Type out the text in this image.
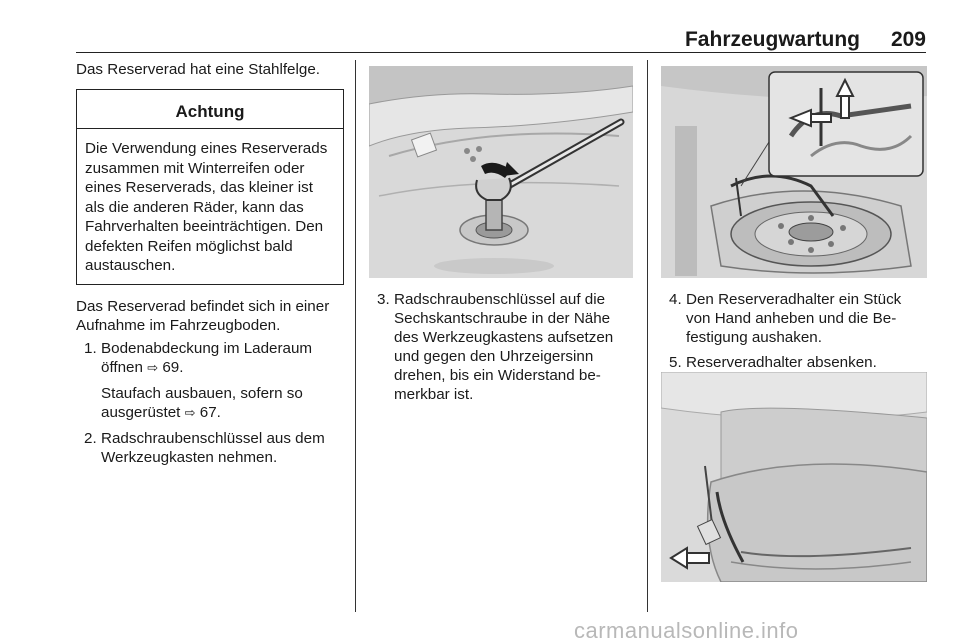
Fahrzeugwartung 209

Das Reserverad hat eine Stahlfelge.

Achtung
Die Verwendung eines Reserverads zusammen mit Winterreifen oder eines Reserverads, das kleiner ist als die anderen Räder, kann das Fahrverhalten beeinträchtigen. Den defekten Reifen möglichst bald austauschen.

Das Reserverad befindet sich in einer Aufnahme im Fahrzeugboden.

1. Bodenabdeckung im Laderaum öffnen ⇨ 69.
Staufach ausbauen, sofern so ausgerüstet ⇨ 67.
2. Radschraubenschlüssel aus dem Werkzeugkasten nehmen.
3. Radschraubenschlüssel auf die Sechskantschraube in der Nähe des Werkzeugkastens aufsetzen und gegen den Uhrzeigersinn drehen, bis ein Widerstand bemerkbar ist.
4. Den Reserveradhalter ein Stück von Hand anheben und die Befestigung aushaken.
5. Reserveradhalter absenken.
carmanualsonline.info
